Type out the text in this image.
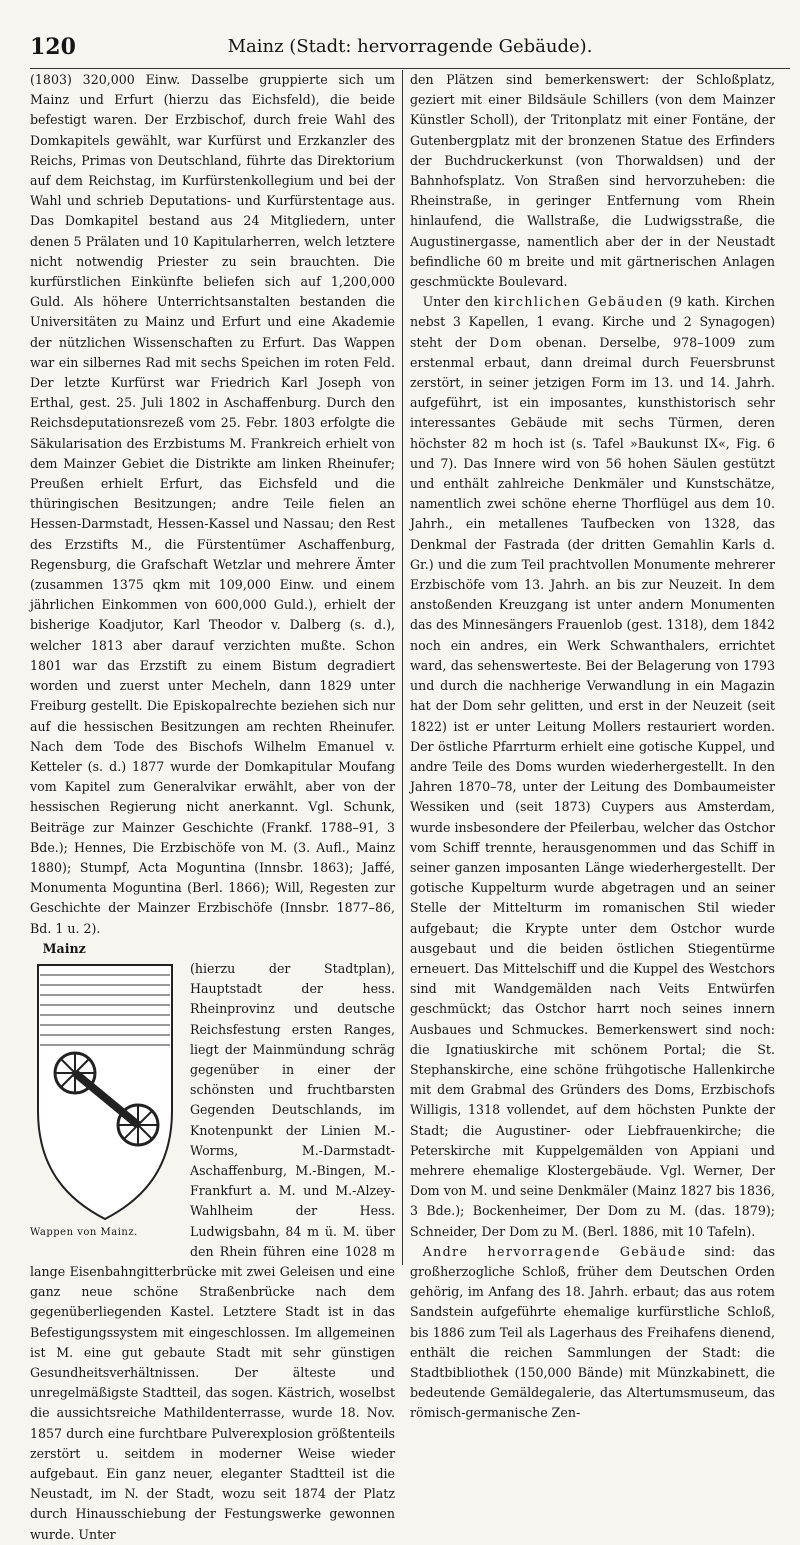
120	Mainz (Stadt: hervorragende Gebäude).

(1803) 320,000 Einw. Dasselbe gruppierte sich um Mainz und Erfurt (hierzu das Eichsfeld), die beide befestigt waren. Der Erzbischof, durch freie Wahl des Domkapitels gewählt, war Kurfürst und Erzkanzler des Reichs, Primas von Deutschland, führte das Direktorium auf dem Reichstag, im Kurfürstenkollegium und bei der Wahl und schrieb Deputations- und Kurfürstentage aus. Das Domkapitel bestand aus 24 Mitgliedern, unter denen 5 Prälaten und 10 Kapitularherren, welch letztere nicht notwendig Priester zu sein brauchten. Die kurfürstlichen Einkünfte beliefen sich auf 1,200,000 Guld. Als höhere Unterrichtsanstalten bestanden die Universitäten zu Mainz und Erfurt und eine Akademie der nützlichen Wissenschaften zu Erfurt. Das Wappen war ein silbernes Rad mit sechs Speichen im roten Feld. Der letzte Kurfürst war Friedrich Karl Joseph von Erthal, gest. 25. Juli 1802 in Aschaffenburg. Durch den Reichsdeputationsrezeß vom 25. Febr. 1803 erfolgte die Säkularisation des Erzbistums M. Frankreich erhielt von dem Mainzer Gebiet die Distrikte am linken Rheinufer; Preußen erhielt Erfurt, das Eichsfeld und die thüringischen Besitzungen; andre Teile fielen an Hessen-Darmstadt, Hessen-Kassel und Nassau; den Rest des Erzstifts M., die Fürstentümer Aschaffenburg, Regensburg, die Grafschaft Wetzlar und mehrere Ämter (zusammen 1375 qkm mit 109,000 Einw. und einem jährlichen Einkommen von 600,000 Guld.), erhielt der bisherige Koadjutor, Karl Theodor v. Dalberg (s. d.), welcher 1813 aber darauf verzichten mußte. Schon 1801 war das Erzstift zu einem Bistum degradiert worden und zuerst unter Mecheln, dann 1829 unter Freiburg gestellt. Die Episkopalrechte beziehen sich nur auf die hessischen Besitzungen am rechten Rheinufer. Nach dem Tode des Bischofs Wilhelm Emanuel v. Ketteler (s. d.) 1877 wurde der Domkapitular Moufang vom Kapitel zum Generalvikar erwählt, aber von der hessischen Regierung nicht anerkannt. Vgl. Schunk, Beiträge zur Mainzer Geschichte (Frankf. 1788–91, 3 Bde.); Hennes, Die Erzbischöfe von M. (3. Aufl., Mainz 1880); Stumpf, Acta Moguntina (Innsbr. 1863); Jaffé, Monumenta Moguntina (Berl. 1866); Will, Regesten zur Geschichte der Mainzer Erzbischöfe (Innsbr. 1877–86, Bd. 1 u. 2).

Mainz

Wappen von Mainz.

(hierzu der Stadtplan), Hauptstadt der hess. Rheinprovinz und deutsche Reichsfestung ersten Ranges, liegt der Mainmündung schräg gegenüber in einer der schönsten und fruchtbarsten Gegenden Deutschlands, im Knotenpunkt der Linien M.-Worms, M.-Darmstadt-Aschaffenburg, M.-Bingen, M.-Frankfurt a. M. und M.-Alzey-Wahlheim der Hess. Ludwigsbahn, 84 m ü. M. über den Rhein führen eine 1028 m lange Eisenbahngitterbrücke mit zwei Geleisen und eine ganz neue schöne Straßenbrücke nach dem gegenüberliegenden Kastel. Letztere Stadt ist in das Befestigungssystem mit eingeschlossen. Im allgemeinen ist M. eine gut gebaute Stadt mit sehr günstigen Gesundheitsverhältnissen. Der älteste und unregelmäßigste Stadtteil, das sogen. Kästrich, woselbst die aussichtsreiche Mathildenterrasse, wurde 18. Nov. 1857 durch eine furchtbare Pulverexplosion größtenteils zerstört u. seitdem in moderner Weise wieder aufgebaut. Ein ganz neuer, eleganter Stadtteil ist die Neustadt, im N. der Stadt, wozu seit 1874 der Platz durch Hinausschiebung der Festungswerke gewonnen wurde. Unter

den Plätzen sind bemerkenswert: der Schloßplatz, geziert mit einer Bildsäule Schillers (von dem Mainzer Künstler Scholl), der Tritonplatz mit einer Fontäne, der Gutenbergplatz mit der bronzenen Statue des Erfinders der Buchdruckerkunst (von Thorwaldsen) und der Bahnhofsplatz. Von Straßen sind hervorzuheben: die Rheinstraße, in geringer Entfernung vom Rhein hinlaufend, die Wallstraße, die Ludwigsstraße, die Augustinergasse, namentlich aber der in der Neustadt befindliche 60 m breite und mit gärtnerischen Anlagen geschmückte Boulevard.

Unter den kirchlichen Gebäuden (9 kath. Kirchen nebst 3 Kapellen, 1 evang. Kirche und 2 Synagogen) steht der Dom obenan. Derselbe, 978–1009 zum erstenmal erbaut, dann dreimal durch Feuersbrunst zerstört, in seiner jetzigen Form im 13. und 14. Jahrh. aufgeführt, ist ein imposantes, kunsthistorisch sehr interessantes Gebäude mit sechs Türmen, deren höchster 82 m hoch ist (s. Tafel »Baukunst IX«, Fig. 6 und 7). Das Innere wird von 56 hohen Säulen gestützt und enthält zahlreiche Denkmäler und Kunstschätze, namentlich zwei schöne eherne Thorflügel aus dem 10. Jahrh., ein metallenes Taufbecken von 1328, das Denkmal der Fastrada (der dritten Gemahlin Karls d. Gr.) und die zum Teil prachtvollen Monumente mehrerer Erzbischöfe vom 13. Jahrh. an bis zur Neuzeit. In dem anstoßenden Kreuzgang ist unter andern Monumenten das des Minnesängers Frauenlob (gest. 1318), dem 1842 noch ein andres, ein Werk Schwanthalers, errichtet ward, das sehenswerteste. Bei der Belagerung von 1793 und durch die nachherige Verwandlung in ein Magazin hat der Dom sehr gelitten, und erst in der Neuzeit (seit 1822) ist er unter Leitung Mollers restauriert worden. Der östliche Pfarrturm erhielt eine gotische Kuppel, und andre Teile des Doms wurden wiederhergestellt. In den Jahren 1870–78, unter der Leitung des Dombaumeister Wessiken und (seit 1873) Cuypers aus Amsterdam, wurde insbesondere der Pfeilerbau, welcher das Ostchor vom Schiff trennte, herausgenommen und das Schiff in seiner ganzen imposanten Länge wiederhergestellt. Der gotische Kuppelturm wurde abgetragen und an seiner Stelle der Mittelturm im romanischen Stil wieder aufgebaut; die Krypte unter dem Ostchor wurde ausgebaut und die beiden östlichen Stiegentürme erneuert. Das Mittelschiff und die Kuppel des Westchors sind mit Wandgemälden nach Veits Entwürfen geschmückt; das Ostchor harrt noch seines innern Ausbaues und Schmuckes. Bemerkenswert sind noch: die Ignatiuskirche mit schönem Portal; die St. Stephanskirche, eine schöne frühgotische Hallenkirche mit dem Grabmal des Gründers des Doms, Erzbischofs Willigis, 1318 vollendet, auf dem höchsten Punkte der Stadt; die Augustiner- oder Liebfrauenkirche; die Peterskirche mit Kuppelgemälden von Appiani und mehrere ehemalige Klostergebäude. Vgl. Werner, Der Dom von M. und seine Denkmäler (Mainz 1827 bis 1836, 3 Bde.); Bockenheimer, Der Dom zu M. (das. 1879); Schneider, Der Dom zu M. (Berl. 1886, mit 10 Tafeln).

Andre hervorragende Gebäude sind: das großherzogliche Schloß, früher dem Deutschen Orden gehörig, im Anfang des 18. Jahrh. erbaut; das aus rotem Sandstein aufgeführte ehemalige kurfürstliche Schloß, bis 1886 zum Teil als Lagerhaus des Freihafens dienend, enthält die reichen Sammlungen der Stadt: die Stadtbibliothek (150,000 Bände) mit Münzkabinett, die bedeutende Gemäldegalerie, das Altertumsmuseum, das römisch-germanische Zen-
